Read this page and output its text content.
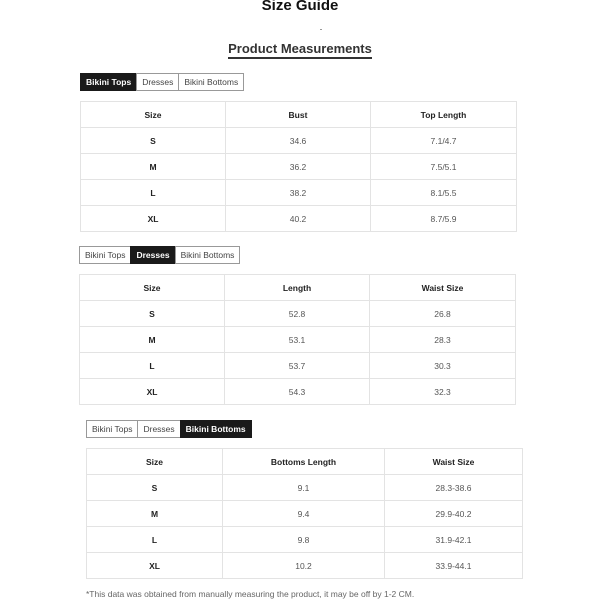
Size Guide
Product Measurements
Bikini Tops	Dresses	Bikini Bottoms
Size	Bust	Top Length
S	34.6	7.1/4.7
M	36.2	7.5/5.1
L	38.2	8.1/5.5
XL	40.2	8.7/5.9
Bikini Tops	Dresses	Bikini Bottoms
Size	Length	Waist Size
S	52.8	26.8
M	53.1	28.3
L	53.7	30.3
XL	54.3	32.3
Bikini Tops	Dresses	Bikini Bottoms
Size	Bottoms Length	Waist Size
S	9.1	28.3-38.6
M	9.4	29.9-40.2
L	9.8	31.9-42.1
XL	10.2	33.9-44.1
*This data was obtained from manually measuring the product, it may be off by 1-2 CM.
